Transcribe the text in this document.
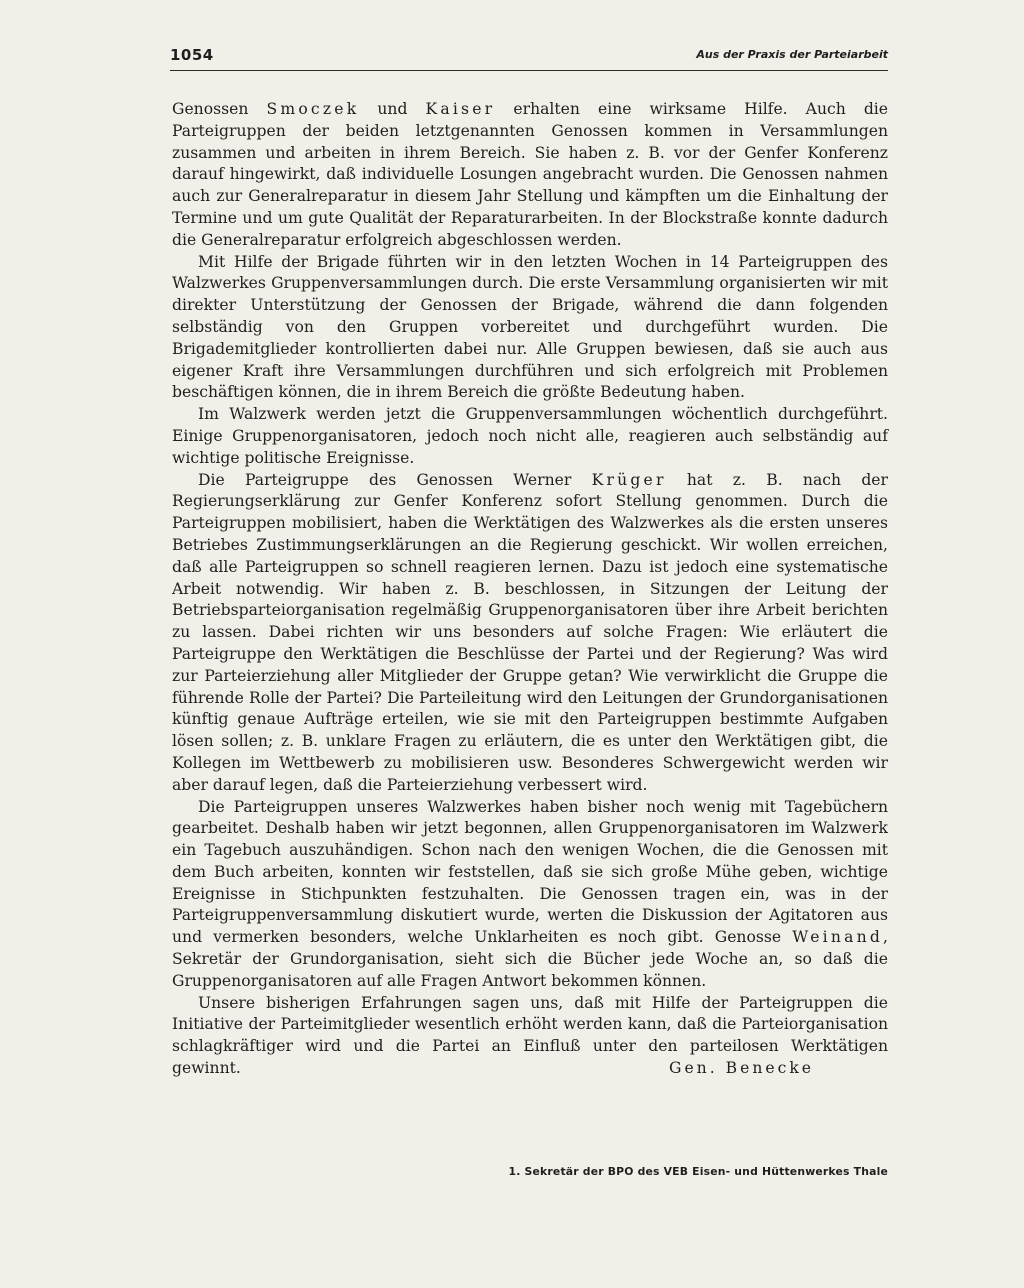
1054	Aus der Praxis der Parteiarbeit

Genossen Smoczek und Kaiser erhalten eine wirksame Hilfe. Auch die Parteigruppen der beiden letztgenannten Genossen kommen in Versammlungen zusammen und arbeiten in ihrem Bereich. Sie haben z. B. vor der Genfer Konferenz darauf hingewirkt, daß individuelle Losungen angebracht wurden. Die Genossen nahmen auch zur Generalreparatur in diesem Jahr Stellung und kämpften um die Einhaltung der Termine und um gute Qualität der Reparaturarbeiten. In der Blockstraße konnte dadurch die Generalreparatur erfolgreich abgeschlossen werden.

Mit Hilfe der Brigade führten wir in den letzten Wochen in 14 Parteigruppen des Walzwerkes Gruppenversammlungen durch. Die erste Versammlung organisierten wir mit direkter Unterstützung der Genossen der Brigade, während die dann folgenden selbständig von den Gruppen vorbereitet und durchgeführt wurden. Die Brigademitglieder kontrollierten dabei nur. Alle Gruppen bewiesen, daß sie auch aus eigener Kraft ihre Versammlungen durchführen und sich erfolgreich mit Problemen beschäftigen können, die in ihrem Bereich die größte Bedeutung haben.

Im Walzwerk werden jetzt die Gruppenversammlungen wöchentlich durchgeführt. Einige Gruppenorganisatoren, jedoch noch nicht alle, reagieren auch selbständig auf wichtige politische Ereignisse.

Die Parteigruppe des Genossen Werner Krüger hat z. B. nach der Regierungserklärung zur Genfer Konferenz sofort Stellung genommen. Durch die Parteigruppen mobilisiert, haben die Werktätigen des Walzwerkes als die ersten unseres Betriebes Zustimmungserklärungen an die Regierung geschickt. Wir wollen erreichen, daß alle Parteigruppen so schnell reagieren lernen. Dazu ist jedoch eine systematische Arbeit notwendig. Wir haben z. B. beschlossen, in Sitzungen der Leitung der Betriebsparteiorganisation regelmäßig Gruppenorganisatoren über ihre Arbeit berichten zu lassen. Dabei richten wir uns besonders auf solche Fragen: Wie erläutert die Parteigruppe den Werktätigen die Beschlüsse der Partei und der Regierung? Was wird zur Parteierziehung aller Mitglieder der Gruppe getan? Wie verwirklicht die Gruppe die führende Rolle der Partei? Die Parteileitung wird den Leitungen der Grundorganisationen künftig genaue Aufträge erteilen, wie sie mit den Parteigruppen bestimmte Aufgaben lösen sollen; z. B. unklare Fragen zu erläutern, die es unter den Werktätigen gibt, die Kollegen im Wettbewerb zu mobilisieren usw. Besonderes Schwergewicht werden wir aber darauf legen, daß die Parteierziehung verbessert wird.

Die Parteigruppen unseres Walzwerkes haben bisher noch wenig mit Tagebüchern gearbeitet. Deshalb haben wir jetzt begonnen, allen Gruppenorganisatoren im Walzwerk ein Tagebuch auszuhändigen. Schon nach den wenigen Wochen, die die Genossen mit dem Buch arbeiten, konnten wir feststellen, daß sie sich große Mühe geben, wichtige Ereignisse in Stichpunkten festzuhalten. Die Genossen tragen ein, was in der Parteigruppenversammlung diskutiert wurde, werten die Diskussion der Agitatoren aus und vermerken besonders, welche Unklarheiten es noch gibt. Genosse Weinand, Sekretär der Grundorganisation, sieht sich die Bücher jede Woche an, so daß die Gruppenorganisatoren auf alle Fragen Antwort bekommen können.

Unsere bisherigen Erfahrungen sagen uns, daß mit Hilfe der Parteigruppen die Initiative der Parteimitglieder wesentlich erhöht werden kann, daß die Parteiorganisation schlagkräftiger wird und die Partei an Einfluß unter den parteilosen Werktätigen gewinnt.	Gen. Benecke
1. Sekretär der BPO des VEB Eisen- und Hüttenwerkes Thale
